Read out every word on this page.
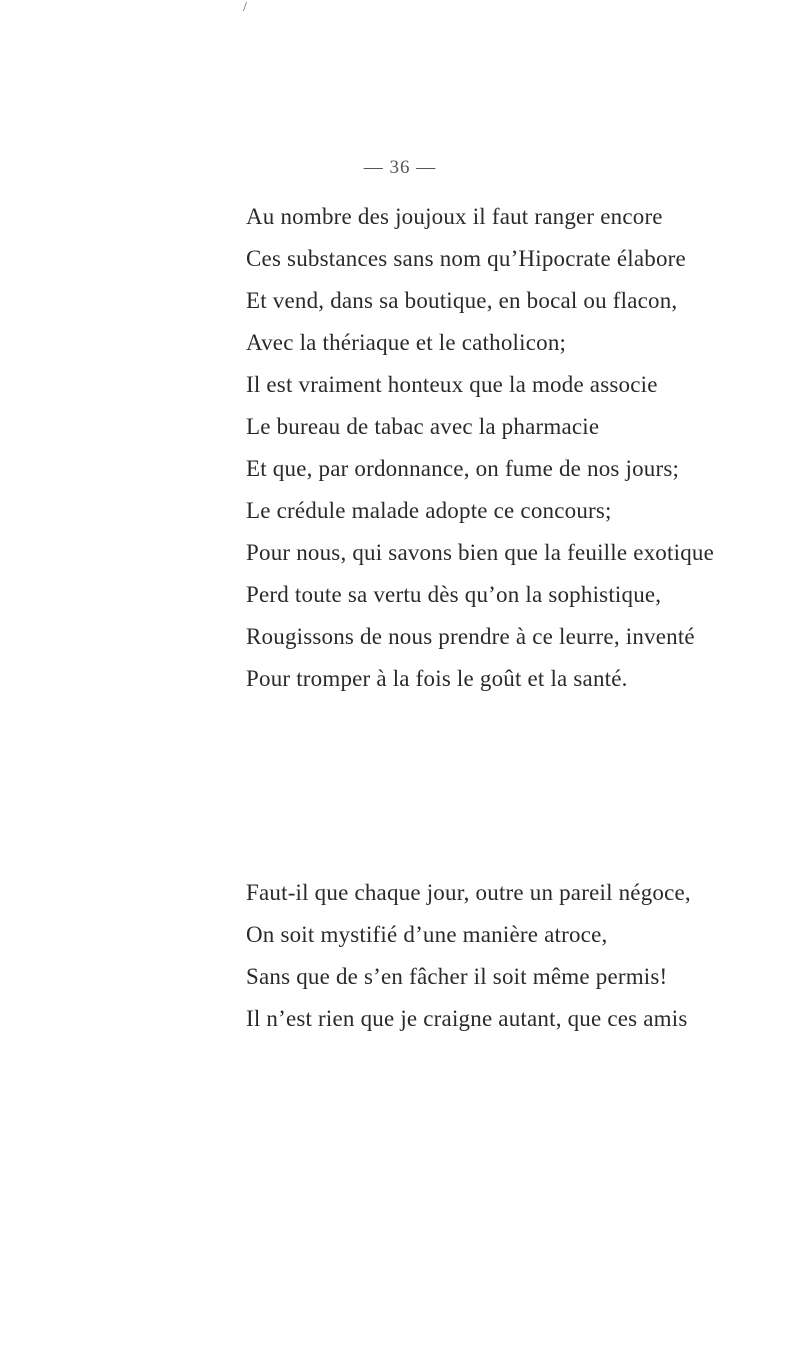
/
— 36 —
Au nombre des joujoux il faut ranger encore
Ces substances sans nom qu’Hipocrate élabore
Et vend, dans sa boutique, en bocal ou flacon,
Avec la thériaque et le catholicon;
Il est vraiment honteux que la mode associe
Le bureau de tabac avec la pharmacie
Et que, par ordonnance, on fume de nos jours;
Le crédule malade adopte ce concours;
Pour nous, qui savons bien que la feuille exotique
Perd toute sa vertu dès qu’on la sophistique,
Rougissons de nous prendre à ce leurre, inventé
Pour tromper à la fois le goût et la santé.
Faut-il que chaque jour, outre un pareil négoce,
On soit mystifié d’une manière atroce,
Sans que de s’en fâcher il soit même permis!
Il n’est rien que je craigne autant, que ces amis
